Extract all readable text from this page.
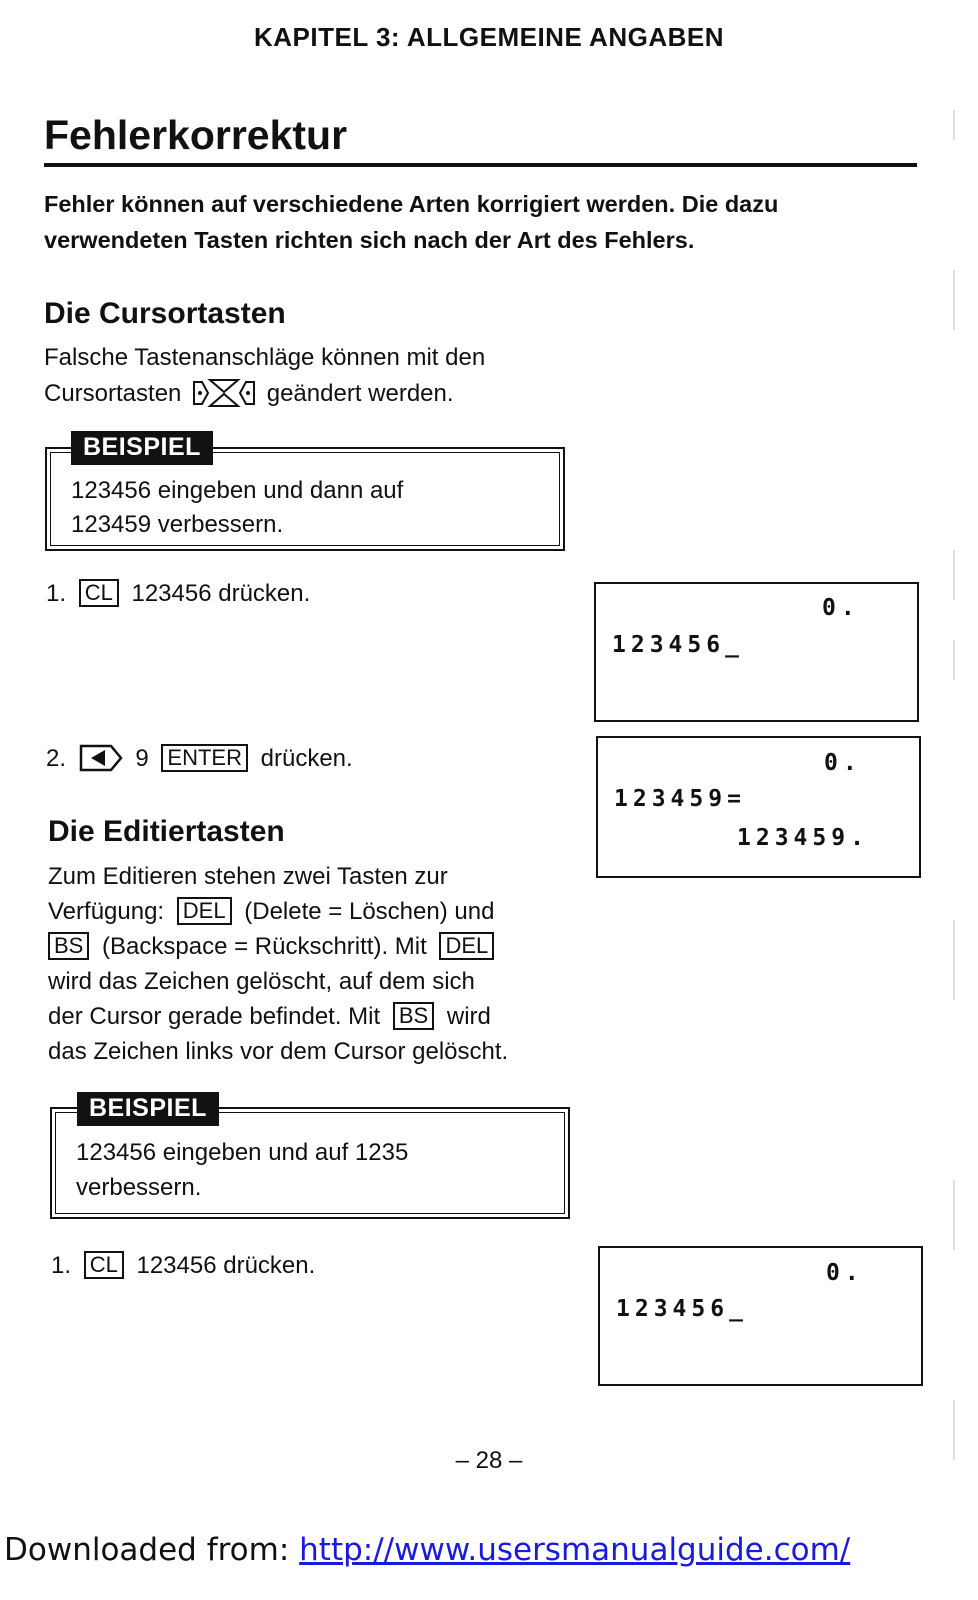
KAPITEL 3: ALLGEMEINE ANGABEN
Fehlerkorrektur
Fehler können auf verschiedene Arten korrigiert werden. Die dazu verwendeten Tasten richten sich nach der Art des Fehlers.
Die Cursortasten
Falsche Tastenanschläge können mit den
Cursortasten	geändert werden.
BEISPIEL
123456 eingeben und dann auf
123459 verbessern.
1. CL 123456 drücken.
0.
123456_
2.	9 ENTER drücken.	0.
123459=
123459.
Die Editiertasten
Zum Editieren stehen zwei Tasten zur
Verfügung: DEL (Delete = Löschen) und
BS (Backspace = Rückschritt). Mit DEL
wird das Zeichen gelöscht, auf dem sich
der Cursor gerade befindet. Mit BS wird
das Zeichen links vor dem Cursor gelöscht.
BEISPIEL
123456 eingeben und auf 1235
verbessern.
1. CL 123456 drücken.	0.
123456_
– 28 –
Downloaded from: http://www.usersmanualguide.com/
